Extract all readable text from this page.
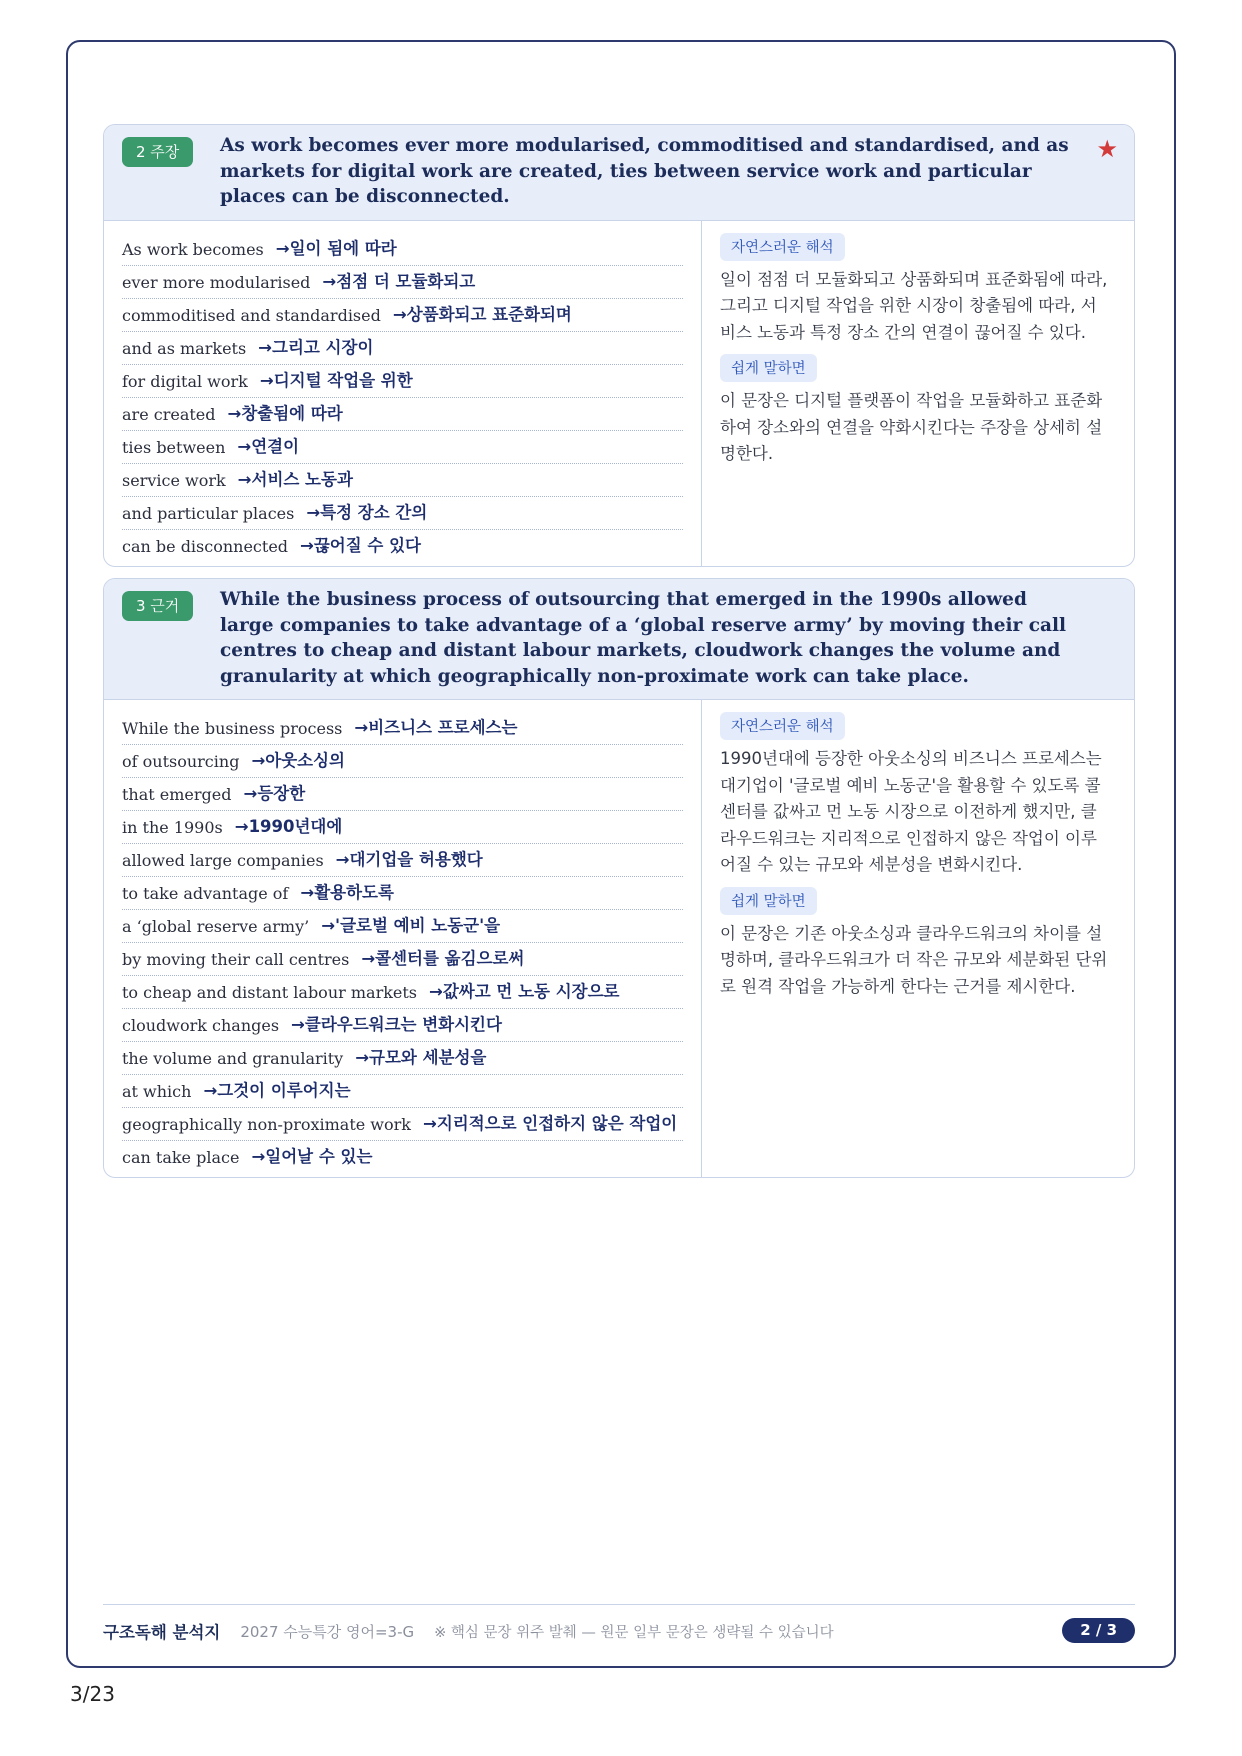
2 주장	As work becomes ever more modularised, commoditised and standardised, and as markets for digital work are created, ties between service work and particular places can be disconnected.
★
As work becomes →일이 됨에 따라
ever more modularised →점점 더 모듈화되고
commoditised and standardised →상품화되고 표준화되며
and as markets →그리고 시장이
for digital work →디지털 작업을 위한
are created →창출됨에 따라
ties between →연결이
service work →서비스 노동과
and particular places →특정 장소 간의
can be disconnected →끊어질 수 있다
자연스러운 해석

일이 점점 더 모듈화되고 상품화되며 표준화됨에 따라, 그리고 디지털 작업을 위한 시장이 창출됨에 따라, 서비스 노동과 특정 장소 간의 연결이 끊어질 수 있다.

쉽게 말하면

이 문장은 디지털 플랫폼이 작업을 모듈화하고 표준화하여 장소와의 연결을 약화시킨다는 주장을 상세히 설명한다.

3 근거	While the business process of outsourcing that emerged in the 1990s allowed large companies to take advantage of a ‘global reserve army’ by moving their call centres to cheap and distant labour markets, cloudwork changes the volume and granularity at which geographically non-proximate work can take place.
While the business process →비즈니스 프로세스는
of outsourcing →아웃소싱의
that emerged →등장한
in the 1990s →1990년대에
allowed large companies →대기업을 허용했다
to take advantage of →활용하도록
a ‘global reserve army’ →'글로벌 예비 노동군'을
by moving their call centres →콜센터를 옮김으로써
to cheap and distant labour markets →값싸고 먼 노동 시장으로
cloudwork changes →클라우드워크는 변화시킨다
the volume and granularity →규모와 세분성을
at which →그것이 이루어지는
geographically non-proximate work →지리적으로 인접하지 않은 작업이
can take place →일어날 수 있는
자연스러운 해석

1990년대에 등장한 아웃소싱의 비즈니스 프로세스는 대기업이 '글로벌 예비 노동군'을 활용할 수 있도록 콜센터를 값싸고 먼 노동 시장으로 이전하게 했지만, 클라우드워크는 지리적으로 인접하지 않은 작업이 이루어질 수 있는 규모와 세분성을 변화시킨다.

쉽게 말하면

이 문장은 기존 아웃소싱과 클라우드워크의 차이를 설명하며, 클라우드워크가 더 작은 규모와 세분화된 단위로 원격 작업을 가능하게 한다는 근거를 제시한다.

구조독해 분석지 2027 수능특강 영어=3-G ※ 핵심 문장 위주 발췌 — 원문 일부 문장은 생략될 수 있습니다	2 / 3
3/23
